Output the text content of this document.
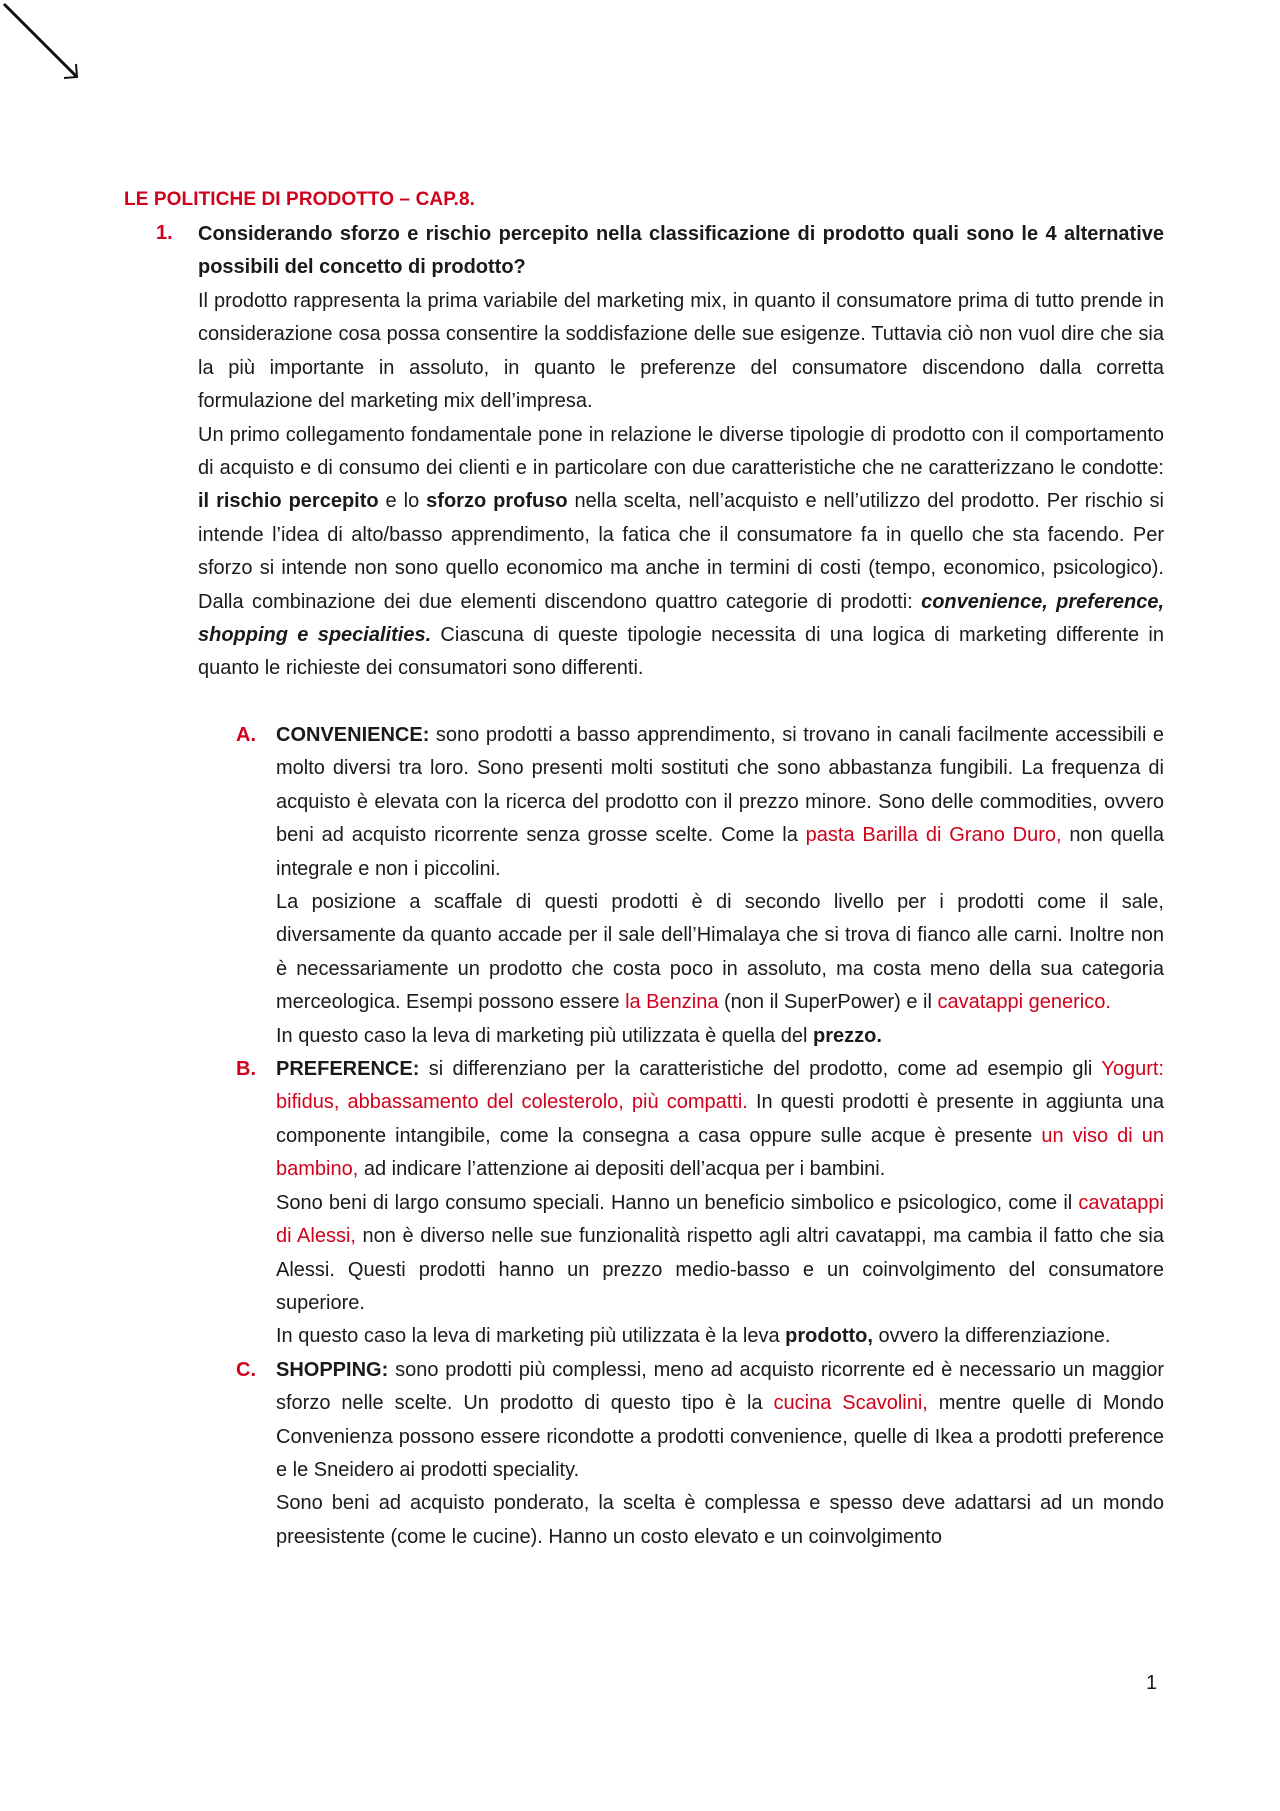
LE POLITICHE DI PRODOTTO – CAP.8.
1. Considerando sforzo e rischio percepito nella classificazione di prodotto quali sono le 4 alternative possibili del concetto di prodotto?

Il prodotto rappresenta la prima variabile del marketing mix, in quanto il consumatore prima di tutto prende in considerazione cosa possa consentire la soddisfazione delle sue esigenze. Tuttavia ciò non vuol dire che sia la più importante in assoluto, in quanto le preferenze del consumatore discendono dalla corretta formulazione del marketing mix dell’impresa.

Un primo collegamento fondamentale pone in relazione le diverse tipologie di prodotto con il comportamento di acquisto e di consumo dei clienti e in particolare con due caratteristiche che ne caratterizzano le condotte: il rischio percepito e lo sforzo profuso nella scelta, nell’acquisto e nell’utilizzo del prodotto. Per rischio si intende l’idea di alto/basso apprendimento, la fatica che il consumatore fa in quello che sta facendo. Per sforzo si intende non sono quello economico ma anche in termini di costi (tempo, economico, psicologico). Dalla combinazione dei due elementi discendono quattro categorie di prodotti: convenience, preference, shopping e specialities. Ciascuna di queste tipologie necessita di una logica di marketing differente in quanto le richieste dei consumatori sono differenti.

A. CONVENIENCE: sono prodotti a basso apprendimento, si trovano in canali facilmente accessibili e molto diversi tra loro. Sono presenti molti sostituti che sono abbastanza fungibili. La frequenza di acquisto è elevata con la ricerca del prodotto con il prezzo minore. Sono delle commodities, ovvero beni ad acquisto ricorrente senza grosse scelte. Come la pasta Barilla di Grano Duro, non quella integrale e non i piccolini.

La posizione a scaffale di questi prodotti è di secondo livello per i prodotti come il sale, diversamente da quanto accade per il sale dell’Himalaya che si trova di fianco alle carni. Inoltre non è necessariamente un prodotto che costa poco in assoluto, ma costa meno della sua categoria merceologica. Esempi possono essere la Benzina (non il SuperPower) e il cavatappi generico.

In questo caso la leva di marketing più utilizzata è quella del prezzo.

B. PREFERENCE: si differenziano per la caratteristiche del prodotto, come ad esempio gli Yogurt: bifidus, abbassamento del colesterolo, più compatti. In questi prodotti è presente in aggiunta una componente intangibile, come la consegna a casa oppure sulle acque è presente un viso di un bambino, ad indicare l’attenzione ai depositi dell’acqua per i bambini.

Sono beni di largo consumo speciali. Hanno un beneficio simbolico e psicologico, come il cavatappi di Alessi, non è diverso nelle sue funzionalità rispetto agli altri cavatappi, ma cambia il fatto che sia Alessi. Questi prodotti hanno un prezzo medio-basso e un coinvolgimento del consumatore superiore.

In questo caso la leva di marketing più utilizzata è la leva prodotto, ovvero la differenziazione.

C. SHOPPING: sono prodotti più complessi, meno ad acquisto ricorrente ed è necessario un maggior sforzo nelle scelte. Un prodotto di questo tipo è la cucina Scavolini, mentre quelle di Mondo Convenienza possono essere ricondotte a prodotti convenience, quelle di Ikea a prodotti preference e le Sneidero ai prodotti speciality.

Sono beni ad acquisto ponderato, la scelta è complessa e spesso deve adattarsi ad un mondo preesistente (come le cucine). Hanno un costo elevato e un coinvolgimento

1
